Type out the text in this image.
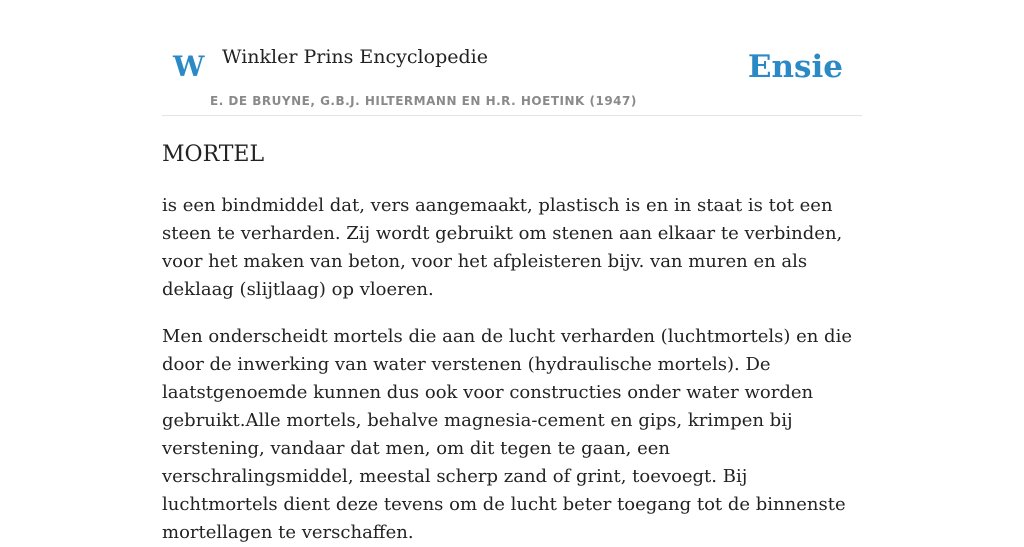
W Winkler Prins Encyclopedie
E. DE BRUYNE, G.B.J. HILTERMANN EN H.R. HOETINK (1947)
Ensie
MORTEL

is een bindmiddel dat, vers aangemaakt, plastisch is en in staat is tot een steen te verharden. Zij wordt gebruikt om stenen aan elkaar te verbinden, voor het maken van beton, voor het afpleisteren bijv. van muren en als deklaag (slijtlaag) op vloeren.

Men onderscheidt mortels die aan de lucht verharden (luchtmortels) en die door de inwerking van water verstenen (hydraulische mortels). De laatstgenoemde kunnen dus ook voor constructies onder water worden gebruikt.Alle mortels, behalve magnesia-cement en gips, krimpen bij verstening, vandaar dat men, om dit tegen te gaan, een verschralingsmiddel, meestal scherp zand of grint, toevoegt. Bij luchtmortels dient deze tevens om de lucht beter toegang tot de binnenste mortellagen te verschaffen.
